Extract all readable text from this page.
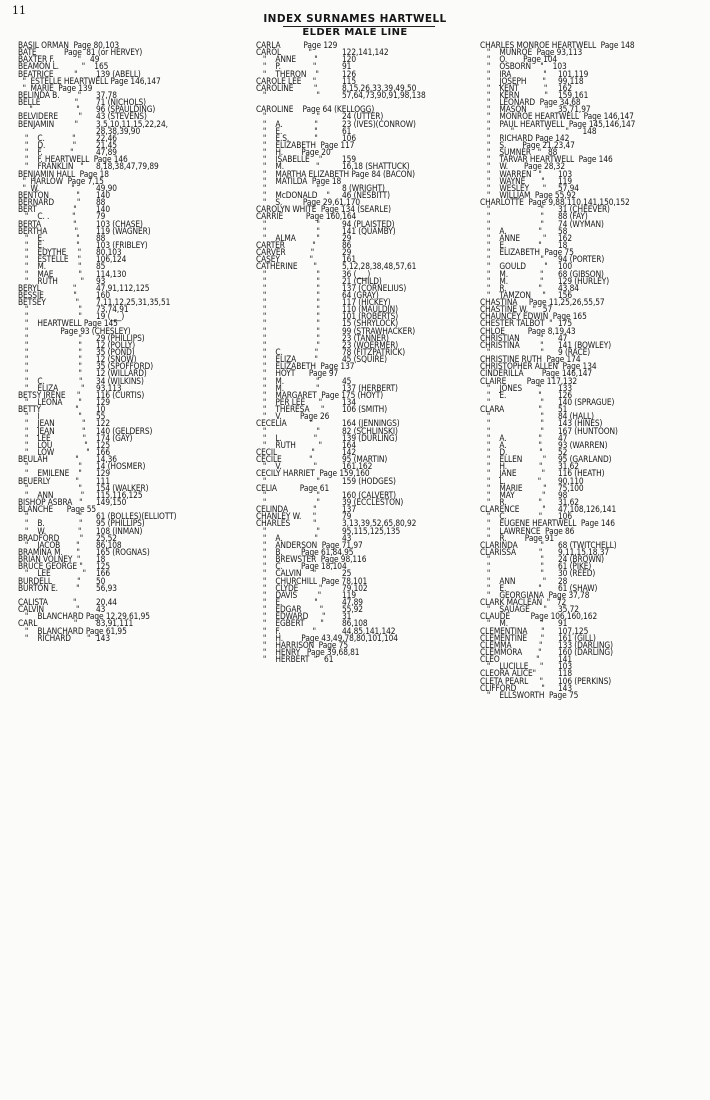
11
INDEX SURNAMES HARTWELL
ELDER MALE LINE
BASIL ORMAN  Page 80,103
BATE            Page  81 (or HERVEY)
BAXTER F.          "    49
BEAMON L.          "    165
BEATRICE         " 139 (ABELL)
"  ESTELLE HEARTWELL Page 146,147
"  MARIE  Page 139
BELINDA B.        " 37,78
BELLE               " 71 (NICHOLS)
"                   " 96 (SPAULDING)
BELVIDERE         " 43 (STEVENS)
BENJAMIN         " 3,5,10,11,15,22,24,
28,38,39,90
"    C.            " 22,46
"    D.            " 21,45
"    F.            "	47,89
"    F. HEARTWELL  Page 146
"    FRANKLIN   " 8,18,38,47,79,89
BENJAMIN HALL  Page 18
"  HARLOW  Page 7,15
"  W.              " 49,90
BENTON            " 140
BERNARD          " 88
BERT                " 140
"    C. .          " 79
BERTA              " 103 (CHASE)
BERTHA            " 119 (WAGNER)
"    E.              " 88
"    E.              " 103 (FRIBLEY)
"    EDYTHE     " 80,103
"    ESTELLE    " 106,124
"    M.              " 85
"    MAE           " 114,130
"    RUTH          " 93
BERYL              " 47,91,112,125
BESSIE             " 160
BETSEY             " 7,11,12,25,31,35,51
"                      " 73,74,91
"                      " 19 (___)
"    HEARTWELL Page 145
"              Page 93 (CHESLEY)
"                      " 29 (PHILLIPS)
"                      " 12 (POLLY)
"                      " 35 (POND)
"                      " 12 (SNOW)
"                      " 35 (SPOFFORD)
"                      " 12 (WILLARD)
"    C.               " 34 (WILKINS)
"    ELIZA          " 93,113
BETSY IRENE     " 116 (CURTIS)
"    LEONA       " 129
BETTY               " 10
"    I                 " 55
"    JEAN            " 122
"    JEAN            " 140 (GELDERS)
"    LEE              " 174 (GAY)
"    LOU              " 125
"    LOW              " 166
BEULAH            " 14,36
"                      " 14 (HOSMER)
"    EMILENE    " 129
BEUERLY           " 111
"                      " 154 (WALKER)
"    ANN            " 115,116,125
BISHOP ASBRA   " 149,150
BLANCHE      Page 55
"                      " 61 (BOLLES)(ELLIOTT)
"    B.               " 95 (PHILLIPS)
"    W.              " 108 (INMAN)
BRADFORD         " 25,52
"    JACOB       " 86,108
BRAMINA M.      " 165 (ROGNAS)
BRIAN VOLNEY  " 18
BRUCE GEORGE " 125
"    LEE              " 166
BURDELL           " 50
BURTON E.        " 56,93
CALISTA           " 20,44
CALVIN              " 43
"    BLANCHARD Page 12,29,61,95
CARL                " 83,91,111
"    BLANCHARD Page 61,95
"    RICHARD       " 143
CARLA          Page 129
CAROL            "	122,141,142
"    ANNE        "	120
"    P.              "	91
"    THERON    "	126
CAROLE LEE     "	115
CAROLINE         "	8,15,26,33,39,49,50
"                      " 57,64,73,90,91,98,138
CAROLINE    Page 64 (KELLOGG)
"                      " 24 (UTTER)
"    A.              "	23 (IVES)(CONROW)
"    E.              "	61
"    E.S.           "	106
"    ELIZABETH  Page 117
"    H.        Page 20
"    ISABELLE    " 159
"    M.              "	16,18 (SHATTUCK)
"    MARTHA ELIZABETH Page 84 (BACON)
"    MATILDA  Page 18
"                      " 8 (WRIGHT)
"    McDONALD    " 46 (NESBITT)
"    S.         Page 29,61,170
CAROLYN WHITE  Page 134 (SEARLE)
CARRIE          Page 160,164
"                      " 94 (PLAISTED)
"                      " 141 (QUAMBY)
"    ALMA         "	29
CARTER            "	86
CARVER           "	29
CASEY             "	161
CATHERINE       "	5,12,28,38,48,57,61
"                      " 36 (___)
"                      " 21 (CHILD)
"                      " 137 (CORNELIUS)
"                      " 64 (GRAY)
"                      " 117 (HICKEY)
"                      " 110 (MAULDIN)
"                      " 101 (ROBERTS)
"                      " 15 (SHRYLOCK)
"                      " 99 (STRAWHACKER)
"                      " 23 (TANNER)
"                      " 23 (WOERMER)
"    C.              "	78 (FITZPATRICK)
"    ELIZA        "	45 (SQUIRE)
"    ELIZABETH  Page 137
"    HOYT      Page 97
"    M.              "	45
"    M.              "	137 (HERBERT)
"    MARGARET  Page 175 (HOYT)
"    PER LEE      " 134
"    THERESA     " 106 (SMITH)
"    V.        Page 26
CECELIA          "	164 (JENNINGS)
"                      " 82 (SCHLINSKI)
"    L.              "	139 (DURLING)
"    RUTH          " 164
CECIL               "	142
CECILE            "	95 (MARTIN)
"    V.              "	161,162
CECILY HARRIET  Page 159,160
"                      " 159 (HODGES)
CELIA          Page 61
"                      " 160 (CALVERT)
"                      " 39 (ECCLESTON)
CELINDA           "	137
CHANLEY W.     "	79
CHARLES          "	3,13,39,52,65,80,92
"                      " 95,115,125,135
"    A.              "	43
"    ANDERSON  Page 71,97
"    B.        Page 61,84,95
"    BREWSTER  Page 98,116
"    C.        Page 18,104
"    CALVIN     "	25
"    CHURCHILL  Page 78,101
"    CLYDE         " 79,102
"    DAVIS         " 119
"    E.              "	47,89
"    EDGAR        " 55,92
"    EDWARD      " 31
"    EGBERT       " 86,108
"    F.              "	44,85,141,142
"    H.        Page 43,49,78,80,101,104
"    HARRISON  Page 75
"    HENRY   Page 39,68,81
"    HERBERT  "   61
CHARLES MONROE HEARTWELL  Page 148
"    MUNROE  Page 93,113
"    O.       Page 104
"    OSBORN    "    103
"    IRA              " 101,119
"    JOSEPH       " 99,118
"    KENT           " 162
"    KERN           " 159,161
"    LEONARD  Page 34,68
"    MASON        " 35,71,97
"    MONROE HEARTWELL  Page 146,147
"    PAUL HEARTWELL  Page 145,146,147
"         "              "       "      148
"    RICHARD Page 142
"    S.       Page 21,23,47
"    SUMNER   "   88
"    TARVAR HEARTWELL  Page 146
"    W.       Page 28,32
"    WARREN   " 103
"    WAYNE       " 119
"    WESLEY      " 57,94
"    WILLIAM  Page 55,92
CHARLOTTE  Page 9,88,110,141,150,152
"                      " 31 (CHEEVER)
"                      " 88 (FAY)
"                      " 74 (WYMAN)
"    A.              " 58
"    ANNE          " 162
"    E.              " 18
"    ELIZABETH  Page 75
"                      " 94 (PORTER)
"    GOULD        " 100
"    M.              " 68 (GIBSON)
"    M.              " 129 (HURLEY)
"    R.              " 43,84
"    TAMZON     " 156
CHASTINA     Page 11,25,26,55,57
CHASTINE W.  "   57
CHAUNCEY EDWIN  Page 165
CHESTER TALBOT  " 175
CHLOE          Page 8,19,43
CHRISTIAN         " 47
CHRISTINA         " 141 (BOWLEY)
"                      " 9 (RACE)
CHRISTINE RUTH  Page 174
CHRISTOPHER ALLEN  Page 134
CINDERILLA        Page 146,147
CLAIRE         Page 117,132
"    JONES       " 133
"    E.              " 126
"                      " 140 (SPRAGUE)
CLARA               " 51
"                      " 84 (HALL)
"                      " 143 (HINES)
"                      " 167 (HUNTOON)
"    A.              " 47
"    A.              " 93 (WARREN)
"    D.              " 52
"    ELLEN         " 95 (GARLAND)
"    H.              " 31,62
"    JANE           " 116 (HEATH)
"    L.              " 90,110
"    MARIE         " 75,100
"    MAY            " 98
"    R.              " 31,62
CLARENCE          " 47,108,126,141
"    C.              " 106
"    EUGENE HEARTWELL  Page 146
"    LAWRENCE  Page 86
"    R.        Page 91
CLARINDA          " 68 (TWITCHELL)
CLARISSA          " 9,11,15,18,37
"                      " 24 (BROWN)
"                      " 61 (PIKE)
"                      " 30 (REED)
"    ANN            " 28
"    E.              " 61 (SHAW)
"    GEORGIANA  Page 37,78
CLARK MACLEAN  "   72
"    SAUAGE      " 35,72
CLAUDE         Page 106,160,162
"    M.              " 91
CLEMENTINA      " 107,125
CLEMENTINE      " 161 (GILL)
CLEMMA            " 133 (DARLING)
CLEMMORA       " 160 (DARLING)
CLEO                " 141
"    LUCILLE     " 103
CLEORA ALICE" 118
CLETA PEARL     " 106 (PERKINS)
CLIFFORD           " 143
"    ELLSWORTH  Page 75
